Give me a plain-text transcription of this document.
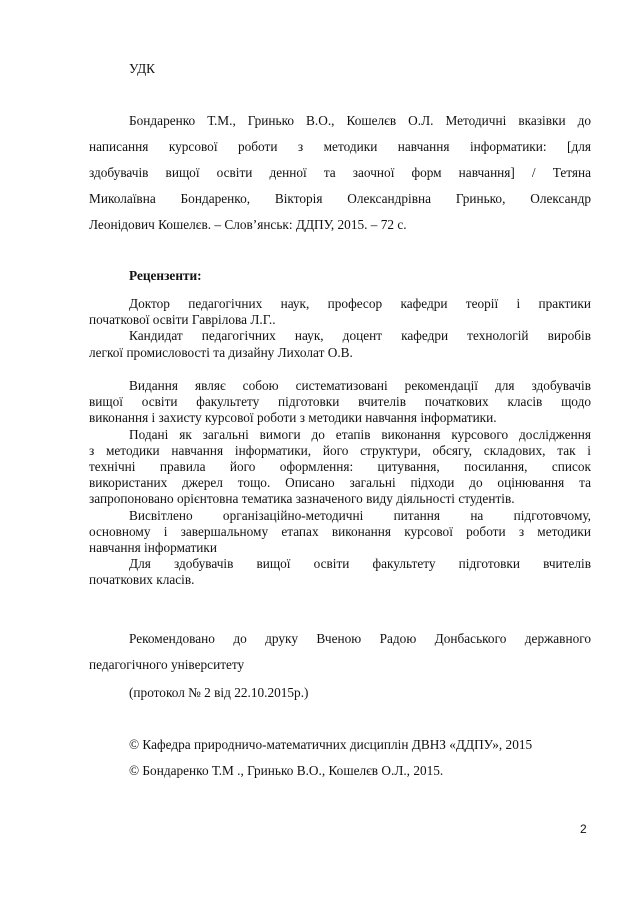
УДК
Бондаренко Т.М., Гринько В.О., Кошелєв О.Л. Методичні вказівки до
написання курсової роботи з методики навчання інформатики: [для
здобувачів вищої освіти денної та заочної форм навчання] / Тетяна
Миколаївна Бондаренко, Вікторія Олександрівна Гринько, Олександр
Леонідович Кошелєв. – Слов’янськ: ДДПУ, 2015. – 72 с.
Рецензенти:
Доктор педагогічних наук, професор кафедри теорії і практики
початкової освіти Гаврілова Л.Г..
Кандидат педагогічних наук, доцент кафедри технологій виробів
легкої промисловості та дизайну Лихолат О.В.
Видання являє собою систематизовані рекомендації для здобувачів
вищої освіти факультету підготовки вчителів початкових класів щодо
виконання і захисту курсової роботи з методики навчання інформатики.
Подані як загальні вимоги до етапів виконання курсового дослідження
з методики навчання інформатики, його структури, обсягу, складових, так і
технічні правила його оформлення: цитування, посилання, список
використаних джерел тощо. Описано загальні підходи до оцінювання та
запропоновано орієнтовна тематика зазначеного виду діяльності студентів.
Висвітлено організаційно-методичні питання на підготовчому,
основному і завершальному етапах виконання курсової роботи з методики
навчання інформатики
Для здобувачів вищої освіти факультету підготовки вчителів
початкових класів.
Рекомендовано до друку Вченою Радою Донбаського державного
педагогічного університету
(протокол № 2 від 22.10.2015р.)
© Кафедра природничо-математичних дисциплін ДВНЗ «ДДПУ», 2015
© Бондаренко Т.М ., Гринько В.О., Кошелєв О.Л., 2015.
2
